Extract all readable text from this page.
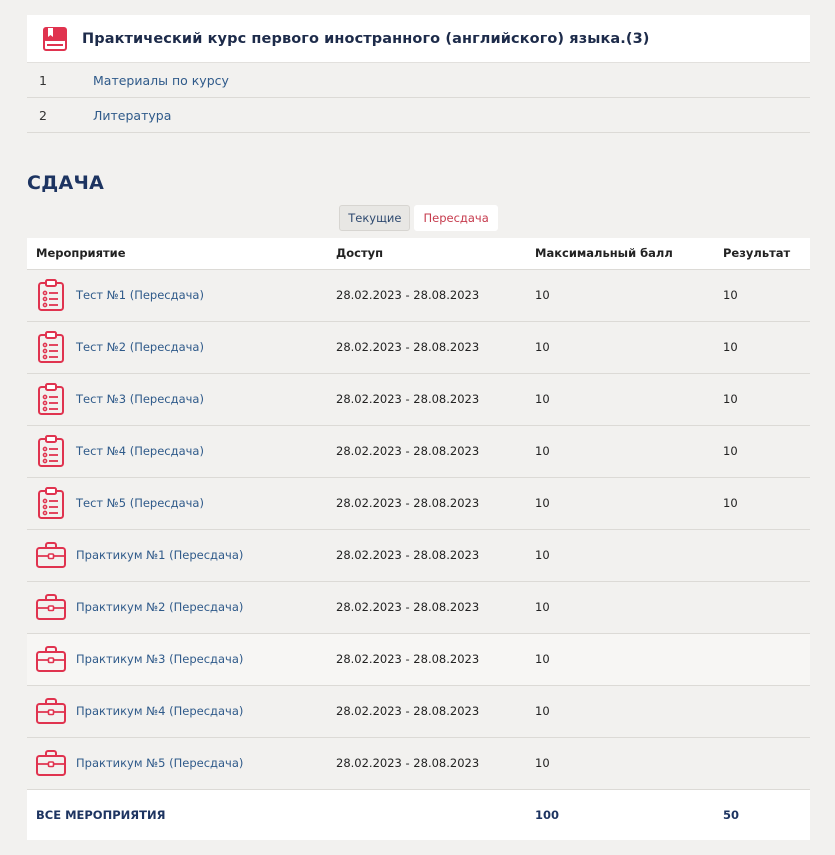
Практический курс первого иностранного (английского) языка.(3)
1	Материалы по курсу
2	Литература
СДАЧА
Текущие	Пересдача
Мероприятие	Доступ	Максимальный балл	Результат

Тест №1 (Пересдача)	28.02.2023 - 28.08.2023	10	10

Тест №2 (Пересдача)	28.02.2023 - 28.08.2023	10	10

Тест №3 (Пересдача)	28.02.2023 - 28.08.2023	10	10

Тест №4 (Пересдача)	28.02.2023 - 28.08.2023	10	10

Тест №5 (Пересдача)	28.02.2023 - 28.08.2023	10	10

Практикум №1 (Пересдача)	28.02.2023 - 28.08.2023	10	

Практикум №2 (Пересдача)	28.02.2023 - 28.08.2023	10	

Практикум №3 (Пересдача)	28.02.2023 - 28.08.2023	10	

Практикум №4 (Пересдача)	28.02.2023 - 28.08.2023	10	

Практикум №5 (Пересдача)	28.02.2023 - 28.08.2023	10	
ВСЕ МЕРОПРИЯТИЯ		100	50
